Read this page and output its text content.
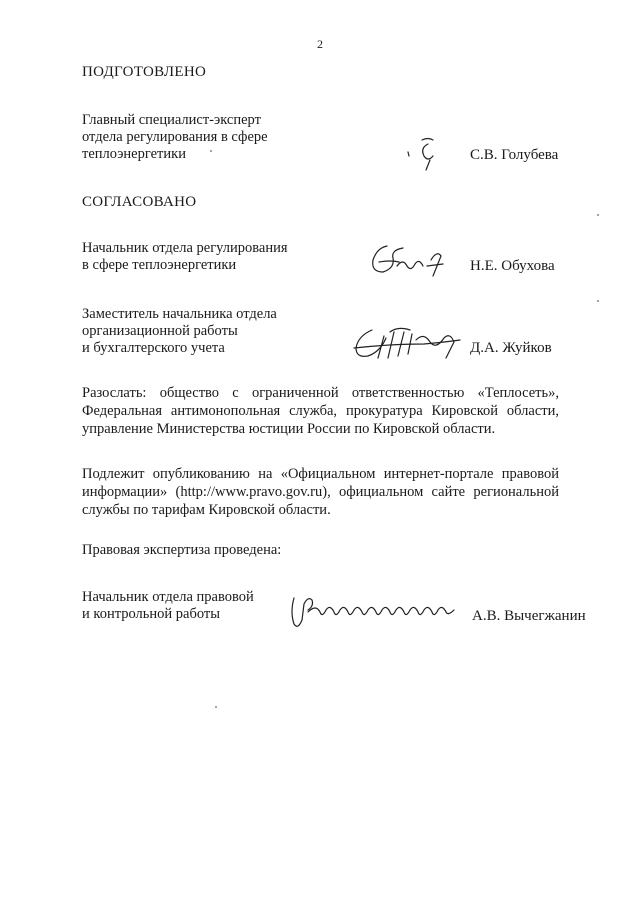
2
ПОДГОТОВЛЕНО
Главный специалист-эксперт
отдела регулирования в сфере
теплоэнергетики	С.В. Голубева
СОГЛАСОВАНО
Начальник отдела регулирования
в сфере теплоэнергетики	Н.Е. Обухова
Заместитель начальника отдела
организационной работы
и бухгалтерского учета	Д.А. Жуйков
Разослать: общество с ограниченной ответственностью «Теплосеть», Федеральная антимонопольная служба, прокуратура Кировской области, управление Министерства юстиции России по Кировской области.
Подлежит опубликованию на «Официальном интернет-портале правовой информации» (http://www.pravo.gov.ru), официальном сайте региональной службы по тарифам Кировской области.
Правовая экспертиза проведена:
Начальник отдела правовой
и контрольной работы	А.В. Вычегжанин
